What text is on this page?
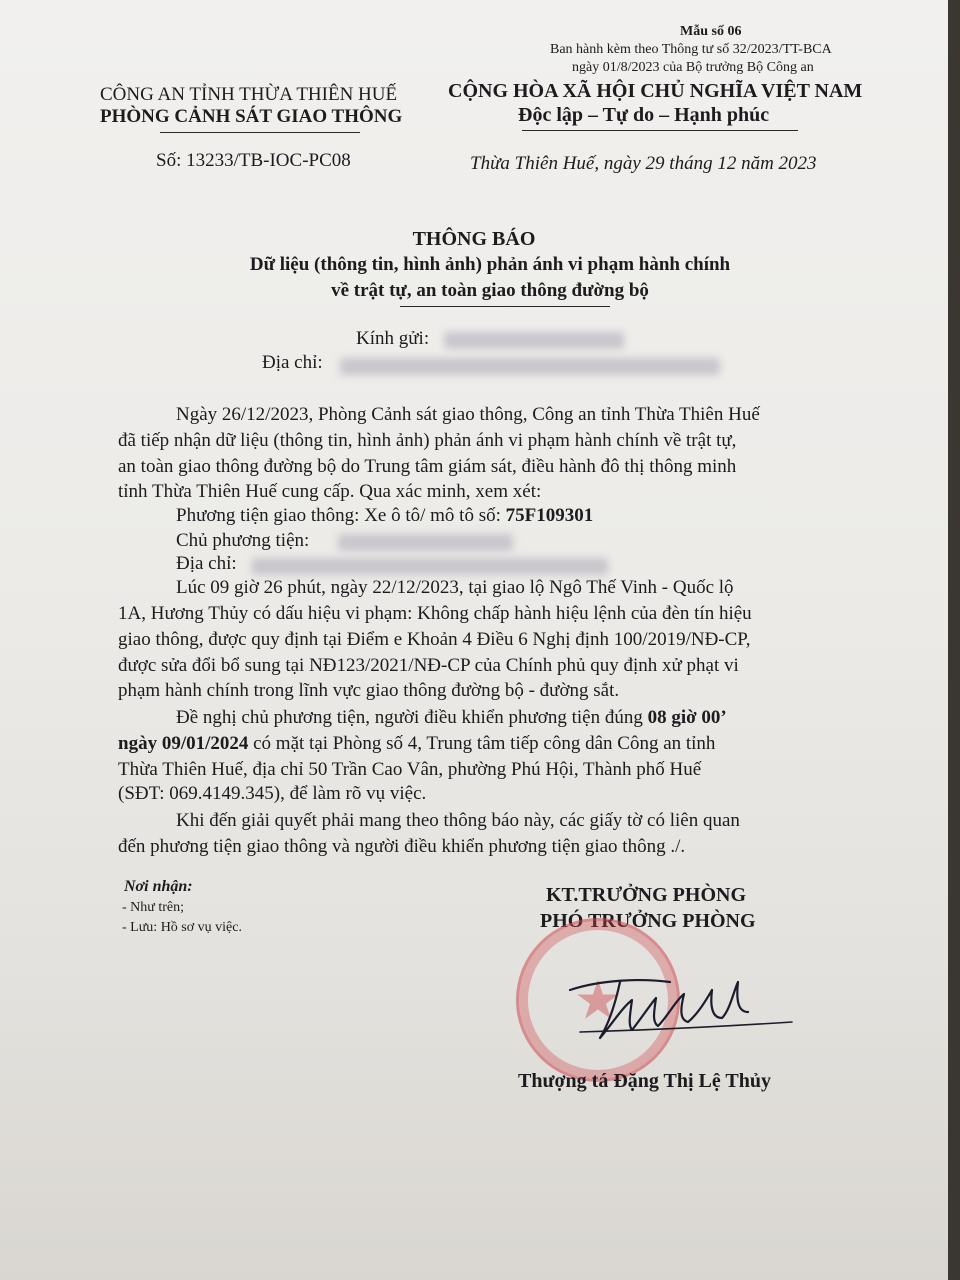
Mẫu số 06
Ban hành kèm theo Thông tư số 32/2023/TT-BCA
ngày 01/8/2023 của Bộ trưởng Bộ Công an
CÔNG AN TỈNH THỪA THIÊN HUẾ
PHÒNG CẢNH SÁT GIAO THÔNG
Số: 13233/TB-IOC-PC08
CỘNG HÒA XÃ HỘI CHỦ NGHĨA VIỆT NAM
Độc lập – Tự do – Hạnh phúc
Thừa Thiên Huế, ngày 29 tháng 12 năm 2023
THÔNG BÁO
Dữ liệu (thông tin, hình ảnh) phản ánh vi phạm hành chính
về trật tự, an toàn giao thông đường bộ
Kính gửi:
Địa chỉ:
Ngày 26/12/2023, Phòng Cảnh sát giao thông, Công an tỉnh Thừa Thiên Huế
đã tiếp nhận dữ liệu (thông tin, hình ảnh) phản ánh vi phạm hành chính về trật tự,
an toàn giao thông đường bộ do Trung tâm giám sát, điều hành đô thị thông minh
tỉnh Thừa Thiên Huế cung cấp. Qua xác minh, xem xét:
Phương tiện giao thông: Xe ô tô/ mô tô số: 75F109301
Chủ phương tiện:
Địa chỉ:
Lúc 09 giờ 26 phút, ngày 22/12/2023, tại giao lộ Ngô Thế Vinh - Quốc lộ
1A, Hương Thủy có dấu hiệu vi phạm: Không chấp hành hiệu lệnh của đèn tín hiệu
giao thông, được quy định tại Điểm e Khoản 4 Điều 6 Nghị định 100/2019/NĐ-CP,
được sửa đổi bổ sung tại NĐ123/2021/NĐ-CP của Chính phủ quy định xử phạt vi
phạm hành chính trong lĩnh vực giao thông đường bộ - đường sắt.
Đề nghị chủ phương tiện, người điều khiển phương tiện đúng 08 giờ 00’
ngày 09/01/2024 có mặt tại Phòng số 4, Trung tâm tiếp công dân Công an tỉnh
Thừa Thiên Huế, địa chỉ 50 Trần Cao Vân, phường Phú Hội, Thành phố Huế
(SĐT: 069.4149.345), để làm rõ vụ việc.
Khi đến giải quyết phải mang theo thông báo này, các giấy tờ có liên quan
đến phương tiện giao thông và người điều khiển phương tiện giao thông ./.
Nơi nhận:
- Như trên;
- Lưu: Hồ sơ vụ việc.
KT.TRƯỞNG PHÒNG
PHÓ TRƯỞNG PHÒNG
★
Thượng tá Đặng Thị Lệ Thủy
